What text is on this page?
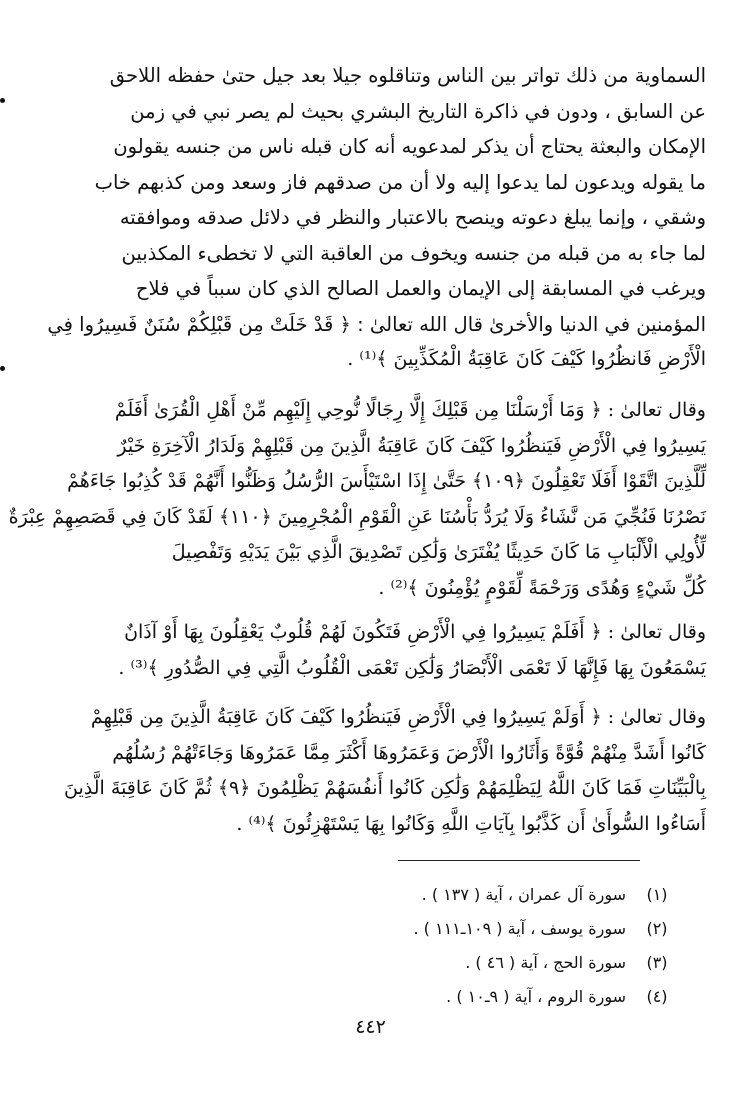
السماوية من ذلك تواتر بين الناس وتناقلوه جيلا بعد جيل حتىٰ حفظه اللاحق
عن السابق ، ودون في ذاكرة التاريخ البشري بحيث لم يصر نبي في زمن
الإمكان والبعثة يحتاج أن يذكر لمدعويه أنه كان قبله ناس من جنسه يقولون
ما يقوله ويدعون لما يدعوا إليه ولا أن من صدقهم فاز وسعد ومن كذبهم خاب
وشقي ، وإنما يبلغ دعوته وينصح بالاعتبار والنظر في دلائل صدقه وموافقته
لما جاء به من قبله من جنسه ويخوف من العاقبة التي لا تخطىء المكذبين
ويرغب في المسابقة إلى الإيمان والعمل الصالح الذي كان سبباً في فلاح
المؤمنين في الدنيا والأخرىٰ قال الله تعالىٰ : ﴿ قَدْ خَلَتْ مِن قَبْلِكُمْ سُنَنٌ فَسِيرُوا فِي
الْأَرْضِ فَانظُرُوا كَيْفَ كَانَ عَاقِبَةُ الْمُكَذِّبِينَ ﴾⁽¹⁾ .
وقال تعالىٰ : ﴿ وَمَا أَرْسَلْنَا مِن قَبْلِكَ إِلَّا رِجَالًا نُّوحِي إِلَيْهِم مِّنْ أَهْلِ الْقُرَىٰ أَفَلَمْ
يَسِيرُوا فِي الْأَرْضِ فَيَنظُرُوا كَيْفَ كَانَ عَاقِبَةُ الَّذِينَ مِن قَبْلِهِمْ وَلَدَارُ الْآخِرَةِ خَيْرٌ
لِّلَّذِينَ اتَّقَوْا أَفَلَا تَعْقِلُونَ ﴿١٠٩﴾ حَتَّىٰ إِذَا اسْتَيْأَسَ الرُّسُلُ وَظَنُّوا أَنَّهُمْ قَدْ كُذِبُوا جَاءَهُمْ
نَصْرُنَا فَنُجِّيَ مَن نَّشَاءُ وَلَا يُرَدُّ بَأْسُنَا عَنِ الْقَوْمِ الْمُجْرِمِينَ ﴿١١٠﴾ لَقَدْ كَانَ فِي قَصَصِهِمْ عِبْرَةٌ
لِّأُولِي الْأَلْبَابِ مَا كَانَ حَدِيثًا يُفْتَرَىٰ وَلَٰكِن تَصْدِيقَ الَّذِي بَيْنَ يَدَيْهِ وَتَفْصِيلَ
كُلِّ شَيْءٍ وَهُدًى وَرَحْمَةً لِّقَوْمٍ يُؤْمِنُونَ ﴾⁽²⁾ .
وقال تعالىٰ : ﴿ أَفَلَمْ يَسِيرُوا فِي الْأَرْضِ فَتَكُونَ لَهُمْ قُلُوبٌ يَعْقِلُونَ بِهَا أَوْ آذَانٌ
يَسْمَعُونَ بِهَا فَإِنَّهَا لَا تَعْمَى الْأَبْصَارُ وَلَٰكِن تَعْمَى الْقُلُوبُ الَّتِي فِي الصُّدُورِ ﴾⁽³⁾ .
وقال تعالىٰ : ﴿ أَوَلَمْ يَسِيرُوا فِي الْأَرْضِ فَيَنظُرُوا كَيْفَ كَانَ عَاقِبَةُ الَّذِينَ مِن قَبْلِهِمْ
كَانُوا أَشَدَّ مِنْهُمْ قُوَّةً وَأَثَارُوا الْأَرْضَ وَعَمَرُوهَا أَكْثَرَ مِمَّا عَمَرُوهَا وَجَاءَتْهُمْ رُسُلُهُم
بِالْبَيِّنَاتِ فَمَا كَانَ اللَّهُ لِيَظْلِمَهُمْ وَلَٰكِن كَانُوا أَنفُسَهُمْ يَظْلِمُونَ ﴿٩﴾ ثُمَّ كَانَ عَاقِبَةَ الَّذِينَ
أَسَاءُوا السُّوأَىٰ أَن كَذَّبُوا بِآيَاتِ اللَّهِ وَكَانُوا بِهَا يَسْتَهْزِئُونَ ﴾⁽⁴⁾ .
(١)
سورة آل عمران ، آية ( ١٣٧ ) .
(٢)
سورة يوسف ، آية ( ١٠٩ـ١١١ ) .
(٣)
سورة الحج ، آية ( ٤٦ ) .
(٤)
سورة الروم ، آية ( ٩ـ١٠ ) .
٤٤٢
